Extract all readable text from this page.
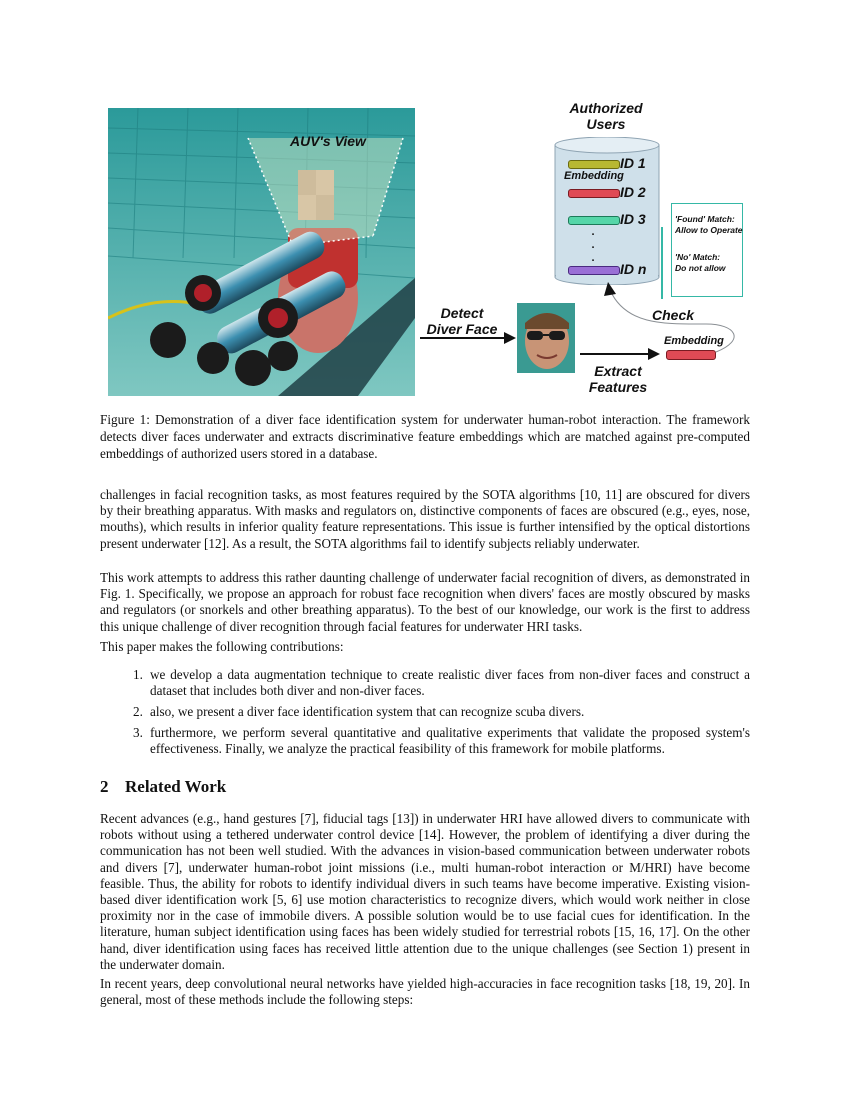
AUV's View
Authorized Users
ID 1
Embedding
ID 2
ID 3
. . .
ID n
'Found' Match:
Allow to Operate
'No' Match:
Do not allow
Detect Diver Face
Extract Features
Embedding
Check
Figure 1: Demonstration of a diver face identification system for underwater human-robot interaction. The framework detects diver faces underwater and extracts discriminative feature embeddings which are matched against pre-computed embeddings of authorized users stored in a database.

challenges in facial recognition tasks, as most features required by the SOTA algorithms [10, 11] are obscured for divers by their breathing apparatus. With masks and regulators on, distinctive components of faces are obscured (e.g., eyes, nose, mouths), which results in inferior quality feature representations. This issue is further intensified by the optical distortions present underwater [12]. As a result, the SOTA algorithms fail to identify subjects reliably underwater.

This work attempts to address this rather daunting challenge of underwater facial recognition of divers, as demonstrated in Fig. 1. Specifically, we propose an approach for robust face recognition when divers' faces are mostly obscured by masks and regulators (or snorkels and other breathing apparatus). To the best of our knowledge, our work is the first to address this unique challenge of diver recognition through facial features for underwater HRI tasks.

This paper makes the following contributions:

1. we develop a data augmentation technique to create realistic diver faces from non-diver faces and construct a dataset that includes both diver and non-diver faces.
2. also, we present a diver face identification system that can recognize scuba divers.
3. furthermore, we perform several quantitative and qualitative experiments that validate the proposed system's effectiveness. Finally, we analyze the practical feasibility of this framework for mobile platforms.
2 Related Work

Recent advances (e.g., hand gestures [7], fiducial tags [13]) in underwater HRI have allowed divers to communicate with robots without using a tethered underwater control device [14]. However, the problem of identifying a diver during the communication has not been well studied. With the advances in vision-based communication between underwater robots and divers [7], underwater human-robot joint missions (i.e., multi human-robot interaction or M/HRI) have become feasible. Thus, the ability for robots to identify individual divers in such teams have become imperative. Existing vision-based diver identification work [5, 6] use motion characteristics to recognize divers, which would work neither in close proximity nor in the case of immobile divers. A possible solution would be to use facial cues for identification. In the literature, human subject identification using faces has been widely studied for terrestrial robots [15, 16, 17]. On the other hand, diver identification using faces has received little attention due to the unique challenges (see Section 1) present in the underwater domain.

In recent years, deep convolutional neural networks have yielded high-accuracies in face recognition tasks [18, 19, 20]. In general, most of these methods include the following steps:
